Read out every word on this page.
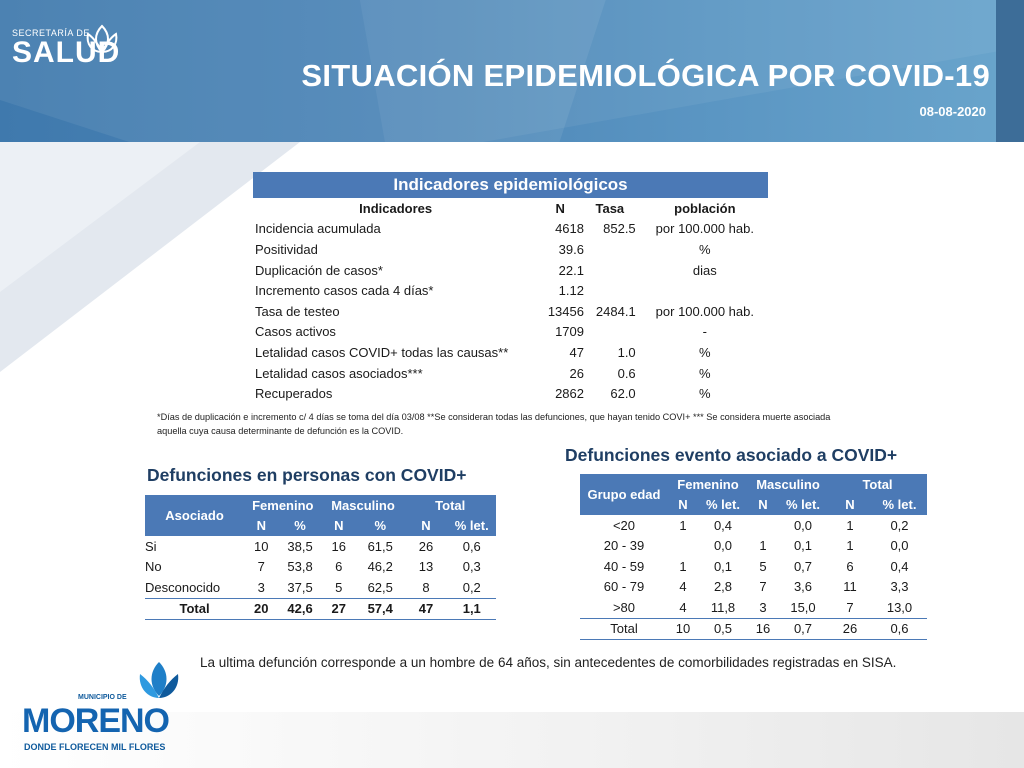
SECRETARÍA DE
SALUD
SITUACIÓN EPIDEMIOLÓGICA POR COVID-19
08-08-2020
Indicadores epidemiológicos
Indicadores	N	Tasa	población
Incidencia acumulada	4618	852.5	por 100.000 hab.
Positividad	39.6		%
Duplicación de casos*	22.1		dias
Incremento casos cada 4 días*	1.12		
Tasa de testeo	13456	2484.1	por 100.000 hab.
Casos activos	1709		-
Letalidad casos COVID+ todas las causas**	47	1.0	%
Letalidad casos asociados***	26	0.6	%
Recuperados	2862	62.0	%
*Días de duplicación e incremento c/ 4 días se toma del día 03/08 **Se consideran todas las defunciones, que hayan tenido COVI+ *** Se considera muerte asociada
aquella cuya causa determinante de defunción es la COVID.
Defunciones en personas con COVID+
Asociado	Femenino		Masculino		Total	
	N	%	N	%	N	% let.
Si	10	38,5	16	61,5	26	0,6
No	7	53,8	6	46,2	13	0,3
Desconocido	3	37,5	5	62,5	8	0,2
Total	20	42,6	27	57,4	47	1,1
Defunciones evento asociado a COVID+
Grupo edad	Femenino		Masculino		Total	
	N	% let.	N	% let.	N	% let.
<20	1	0,4		0,0	1	0,2
20 - 39		0,0	1	0,1	1	0,0
40 - 59	1	0,1	5	0,7	6	0,4
60 - 79	4	2,8	7	3,6	11	3,3
>80	4	11,8	3	15,0	7	13,0
Total	10	0,5	16	0,7	26	0,6
La ultima defunción corresponde a un hombre de 64 años, sin antecedentes de comorbilidades registradas en SISA.
MUNICIPIO DE
MORENO
DONDE FLORECEN MIL FLORES
